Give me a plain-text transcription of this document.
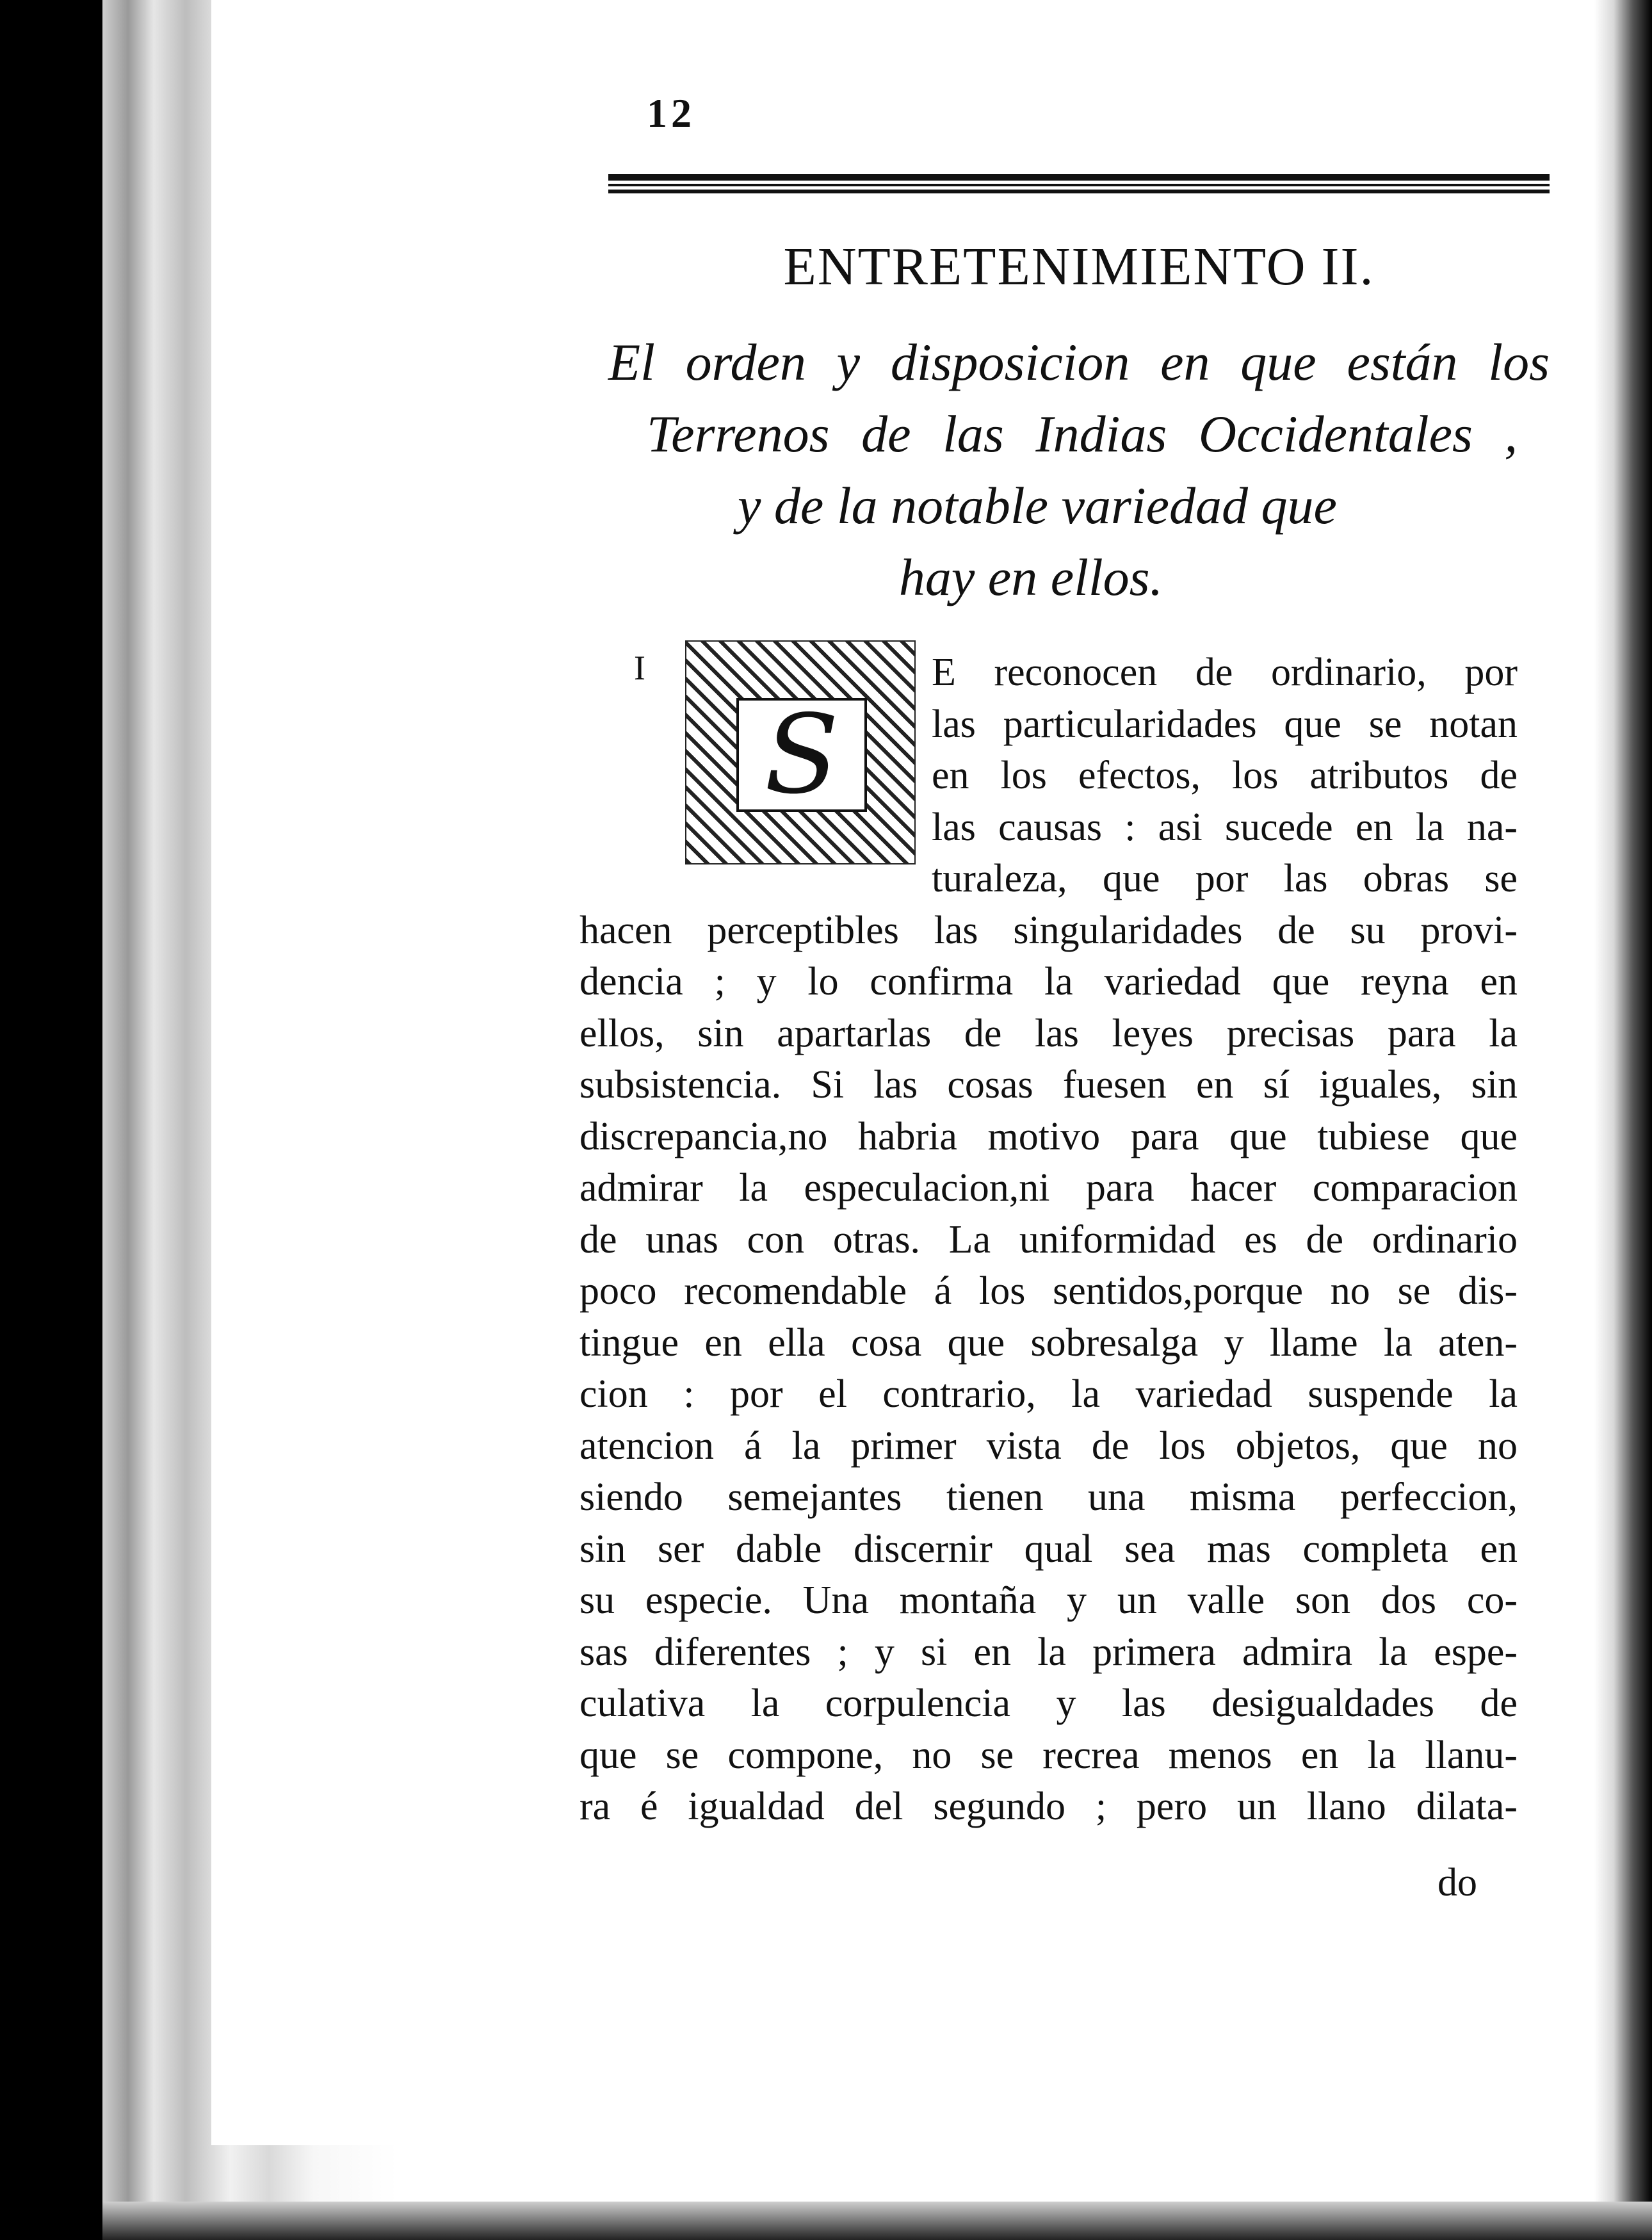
12
ENTRETENIMIENTO II.
El orden y disposicion en que están los
Terrenos de las Indias Occidentales ,
y de la notable variedad que
hay en ellos.
I
S
E reconocen de ordinario, por
las particularidades que se notan
en los efectos, los atributos de
las causas : asi sucede en la na-
turaleza, que por las obras se
hacen perceptibles las singularidades de su provi-
dencia ; y lo confirma la variedad que reyna en
ellos, sin apartarlas de las leyes precisas para la
subsistencia. Si las cosas fuesen en sí iguales, sin
discrepancia,no habria motivo para que tubiese que
admirar la especulacion,ni para hacer comparacion
de unas con otras. La uniformidad es de ordinario
poco recomendable á los sentidos,porque no se dis-
tingue en ella cosa que sobresalga y llame la aten-
cion : por el contrario, la variedad suspende la
atencion á la primer vista de los objetos, que no
siendo semejantes tienen una misma perfeccion,
sin ser dable discernir qual sea mas completa en
su especie. Una montaña y un valle son dos co-
sas diferentes ; y si en la primera admira la espe-
culativa la corpulencia y las desigualdades de
que se compone, no se recrea menos en la llanu-
ra é igualdad del segundo ; pero un llano dilata-
do
